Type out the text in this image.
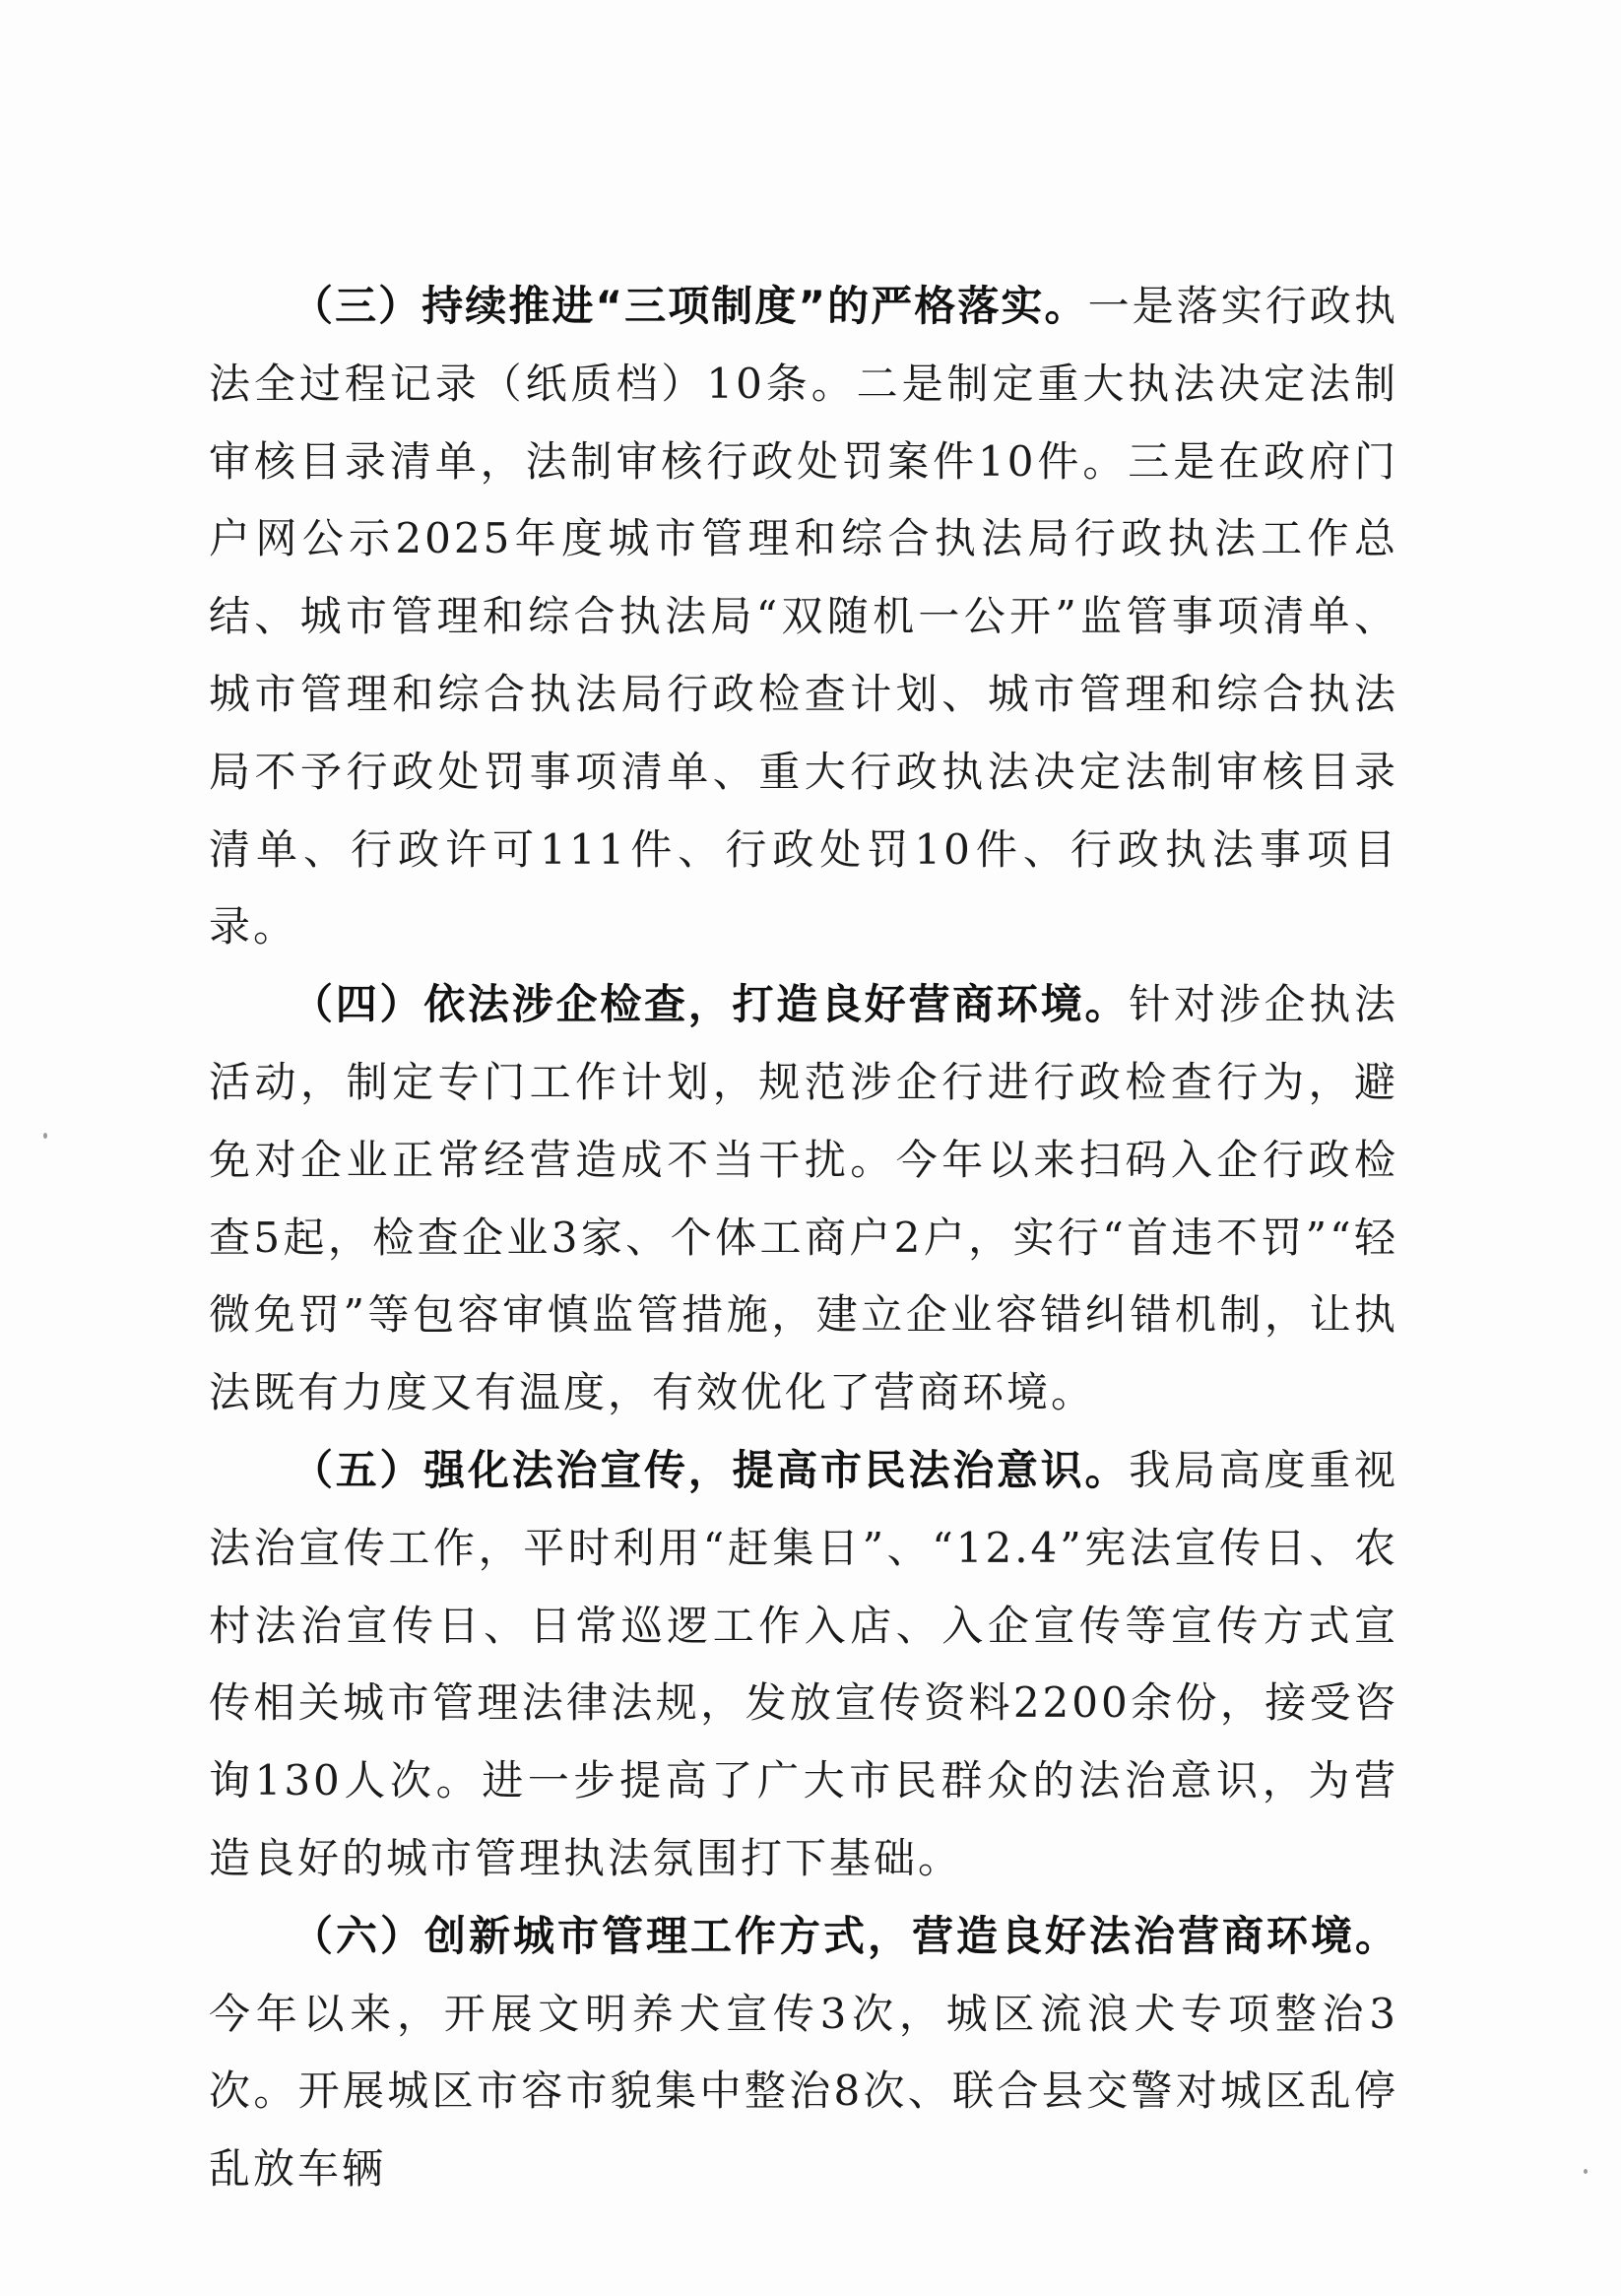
（三）持续推进“三项制度”的严格落实。一是落实行政执法全过程记录（纸质档）10条。二是制定重大执法决定法制审核目录清单，法制审核行政处罚案件10件。三是在政府门户网公示2025年度城市管理和综合执法局行政执法工作总结、城市管理和综合执法局“双随机一公开”监管事项清单、城市管理和综合执法局行政检查计划、城市管理和综合执法局不予行政处罚事项清单、重大行政执法决定法制审核目录清单、行政许可111件、行政处罚10件、行政执法事项目录。

（四）依法涉企检查，打造良好营商环境。针对涉企执法活动，制定专门工作计划，规范涉企行进行政检查行为，避免对企业正常经营造成不当干扰。今年以来扫码入企行政检查5起，检查企业3家、个体工商户2户，实行“首违不罚”“轻微免罚”等包容审慎监管措施，建立企业容错纠错机制，让执法既有力度又有温度，有效优化了营商环境。

（五）强化法治宣传，提高市民法治意识。我局高度重视法治宣传工作，平时利用“赶集日”、“12.4”宪法宣传日、农村法治宣传日、日常巡逻工作入店、入企宣传等宣传方式宣传相关城市管理法律法规，发放宣传资料2200余份，接受咨询130人次。进一步提高了广大市民群众的法治意识，为营造良好的城市管理执法氛围打下基础。

（六）创新城市管理工作方式，营造良好法治营商环境。今年以来，开展文明养犬宣传3次，城区流浪犬专项整治3次。开展城区市容市貌集中整治8次、联合县交警对城区乱停乱放车辆
